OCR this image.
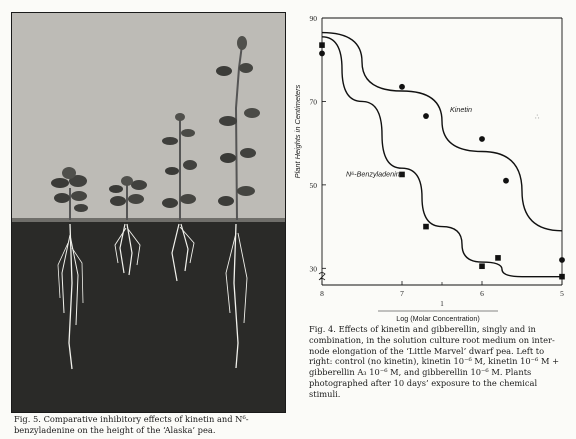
30
50
70
90
8	7	6	5
1
Log (Molar Concentration)
Plant Heights in Centimeters	Kinetin
N⁶-Benzyladenine
∴

Fig. 4. Effects of kinetin and gibberellin, singly and in combination, in the solution culture root medium on inter-node elongation of the ‘Little Marvel’ dwarf pea. Left to right: control (no kinetin), kinetin 10⁻⁶ M, kinetin 10⁻⁶ M + gibberellin A₃ 10⁻⁶ M, and gibberellin 10⁻⁶ M. Plants photographed after 10 days’ exposure to the chemical stimuli.

Fig. 5. Comparative inhibitory effects of kinetin and N⁶-benzyladenine on the height of the ‘Alaska’ pea.
